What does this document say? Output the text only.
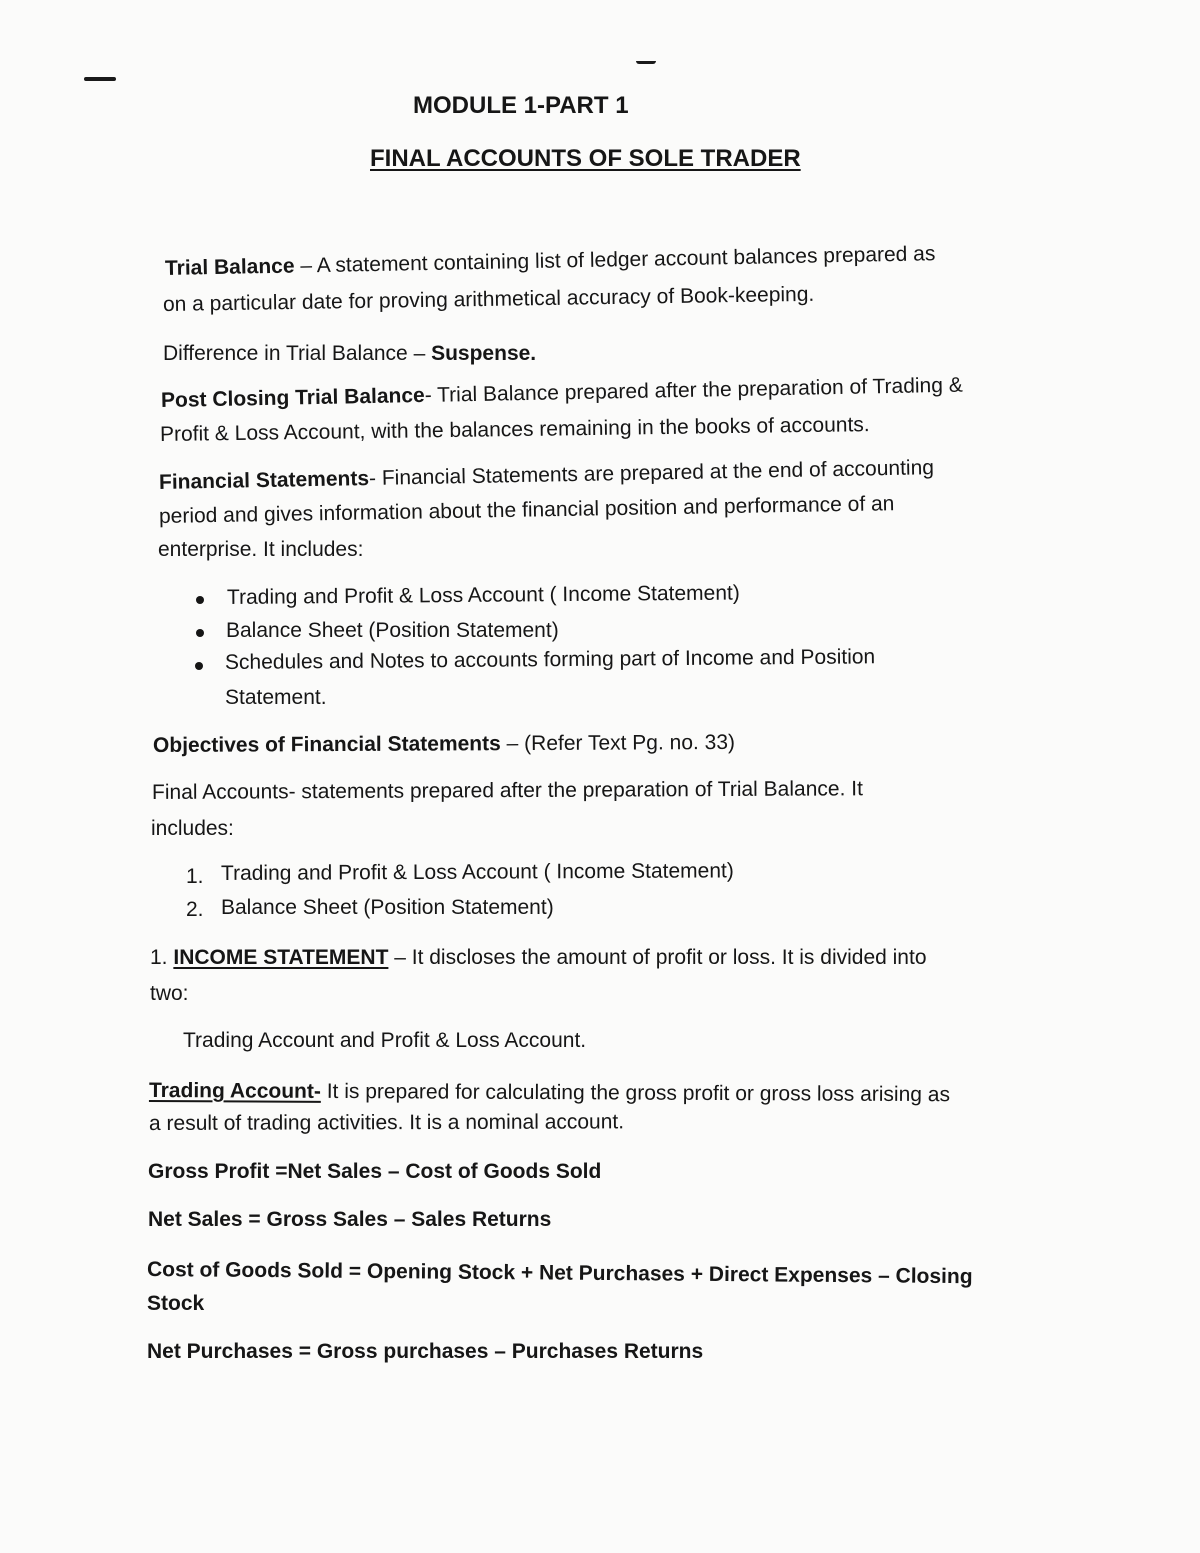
MODULE 1-PART 1
FINAL ACCOUNTS OF SOLE TRADER

Trial Balance – A statement containing list of ledger account balances prepared as

on a particular date for proving arithmetical accuracy of Book-keeping.

Difference in Trial Balance – Suspense.

Post Closing Trial Balance- Trial Balance prepared after the preparation of Trading &

Profit & Loss Account, with the balances remaining in the books of accounts.

Financial Statements- Financial Statements are prepared at the end of accounting

period and gives information about the financial position and performance of an

enterprise. It includes:

Trading and Profit & Loss Account ( Income Statement)

Balance Sheet (Position Statement)

Schedules and Notes to accounts forming part of Income and Position

Statement.

Objectives of Financial Statements – (Refer Text Pg. no. 33)

Final Accounts- statements prepared after the preparation of Trial Balance. It

includes:

1. Trading and Profit & Loss Account ( Income Statement)

2. Balance Sheet (Position Statement)

1. INCOME STATEMENT – It discloses the amount of profit or loss. It is divided into

two:

Trading Account and Profit & Loss Account.

Trading Account- It is prepared for calculating the gross profit or gross loss arising as

a result of trading activities. It is a nominal account.

Gross Profit =Net Sales – Cost of Goods Sold

Net Sales = Gross Sales – Sales Returns

Cost of Goods Sold = Opening Stock + Net Purchases + Direct Expenses – Closing

Stock

Net Purchases = Gross purchases – Purchases Returns
